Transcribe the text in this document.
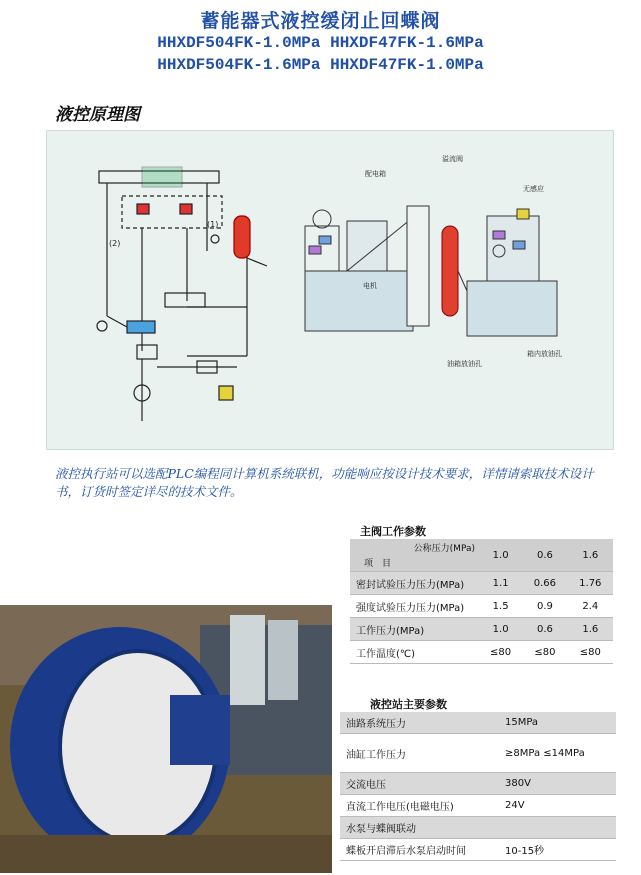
蓄能器式液控缓闭止回蝶阀
HHXDF504FK-1.0MPa HHXDF47FK-1.6MPa
HHXDF504FK-1.6MPa HHXDF47FK-1.0MPa
液控原理图
(1)
(2)
配电箱
电机
溢流阀
无感应
油箱放油孔
箱内放油孔
液控执行站可以选配PLC编程同计算机系统联机，功能响应按设计技术要求，详情请索取技术设计书，订货时签定详尽的技术文件。
主阀工作参数
公称压力(MPa)
项　目	1.0	0.6	1.6
密封试验压力压力(MPa)	1.1	0.66	1.76
强度试验压力压力(MPa)	1.5	0.9	2.4
工作压力(MPa)	1.0	0.6	1.6
工作温度(℃)	≤80	≤80	≤80
液控站主要参数
油路系统压力	15MPa
油缸工作压力	≥8MPa ≤14MPa
交流电压	380V
直流工作电压(电磁电压)	24V
水泵与蝶阀联动	
蝶板开启滞后水泵启动时间	10-15秒
